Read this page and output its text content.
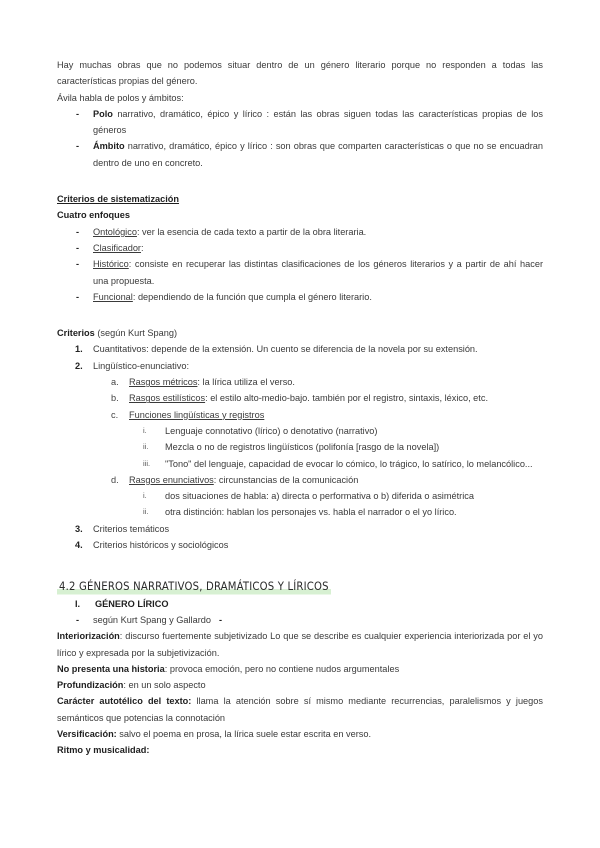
Hay muchas obras que no podemos situar dentro de un género literario porque no responden a todas las características propias del género.

Ávila habla de polos y ámbitos:

- Polo narrativo, dramático, épico y lírico : están las obras siguen todas las características propias de los géneros
- Ámbito narrativo, dramático, épico y lírico : son obras que comparten características o que no se encuadran dentro de uno en concreto.

Criterios de sistematización

Cuatro enfoques

- Ontológico: ver la esencia de cada texto a partir de la obra literaria.
- Clasificador:
- Histórico: consiste en recuperar las distintas clasificaciones de los géneros literarios y a partir de ahí hacer una propuesta.
- Funcional: dependiendo de la función que cumpla el género literario.

Criterios (según Kurt Spang)

1. Cuantitativos: depende de la extensión. Un cuento se diferencia de la novela por su extensión.
2. Lingüístico-enunciativo:
a. Rasgos métricos: la lírica utiliza el verso.
b. Rasgos estilísticos: el estilo alto-medio-bajo. también por el registro, sintaxis, léxico, etc.
c. Funciones lingüísticas y registros
i. Lenguaje connotativo (lírico) o denotativo (narrativo)
ii. Mezcla o no de registros lingüísticos (polifonía [rasgo de la novela])
iii. "Tono" del lenguaje, capacidad de evocar lo cómico, lo trágico, lo satírico, lo melancólico...
d. Rasgos enunciativos: circunstancias de la comunicación
i. dos situaciones de habla: a) directa o performativa o b) diferida o asimétrica
ii. otra distinción: hablan los personajes vs. habla el narrador o el yo lírico.
3. Criterios temáticos
4. Criterios históricos y sociológicos
4.2 GÉNEROS NARRATIVOS, DRAMÁTICOS Y LÍRICOS

I. GÉNERO LÍRICO

- según Kurt Spang y Gallardo -

Interiorización: discurso fuertemente subjetivizado Lo que se describe es cualquier experiencia interiorizada por el yo lírico y expresada por la subjetivización.

No presenta una historia: provoca emoción, pero no contiene nudos argumentales

Profundización: en un solo aspecto

Carácter autotélico del texto: llama la atención sobre sí mismo mediante recurrencias, paralelismos y juegos semánticos que potencias la connotación

Versificación: salvo el poema en prosa, la lírica suele estar escrita en verso.

Ritmo y musicalidad:
